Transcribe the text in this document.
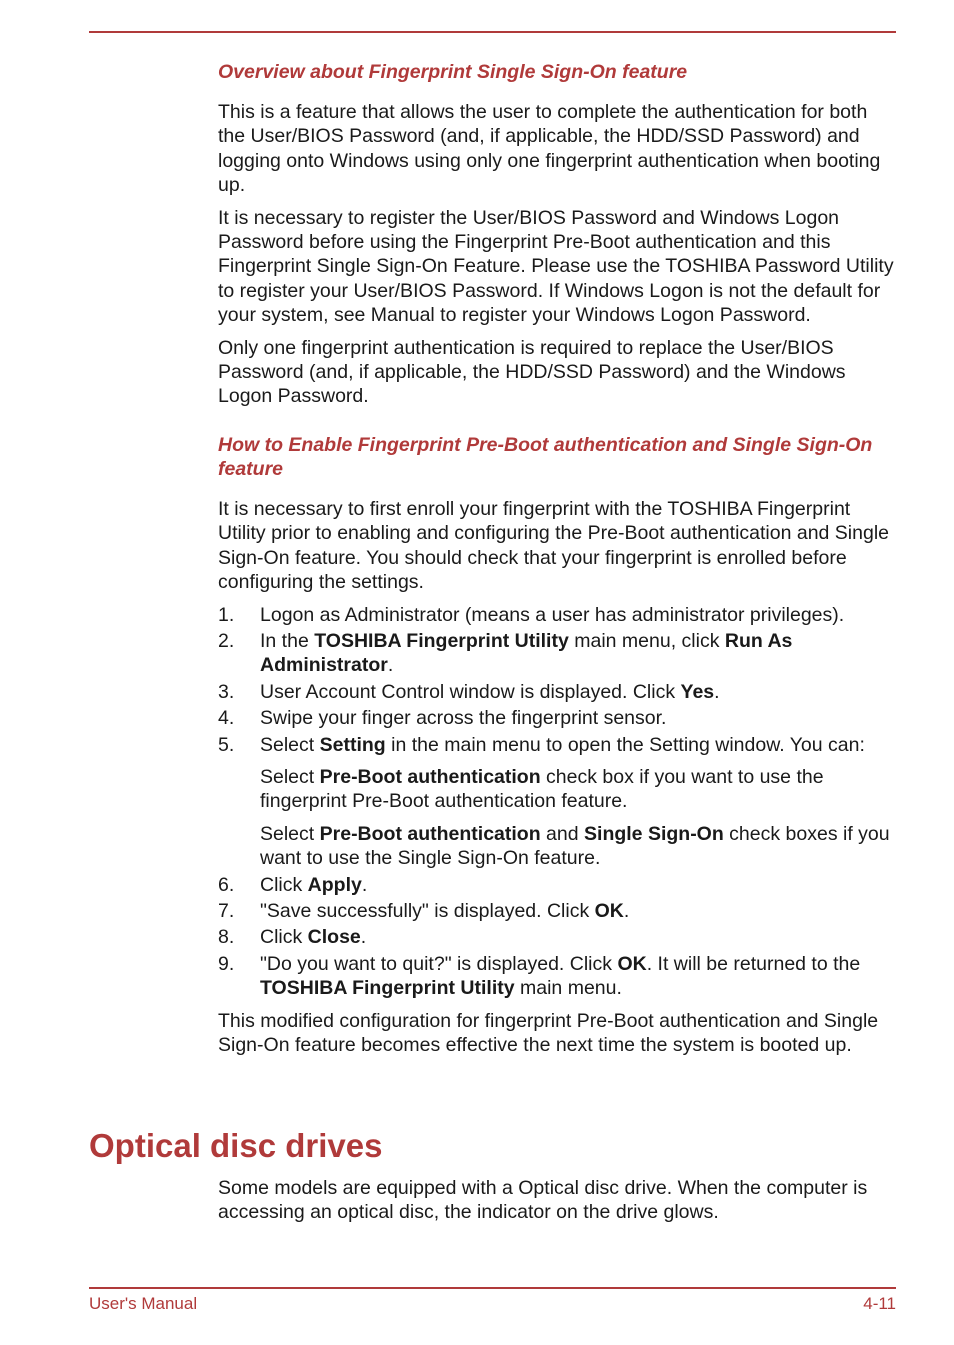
Overview about Fingerprint Single Sign-On feature

This is a feature that allows the user to complete the authentication for both the User/BIOS Password (and, if applicable, the HDD/SSD Password) and logging onto Windows using only one fingerprint authentication when booting up.

It is necessary to register the User/BIOS Password and Windows Logon Password before using the Fingerprint Pre-Boot authentication and this Fingerprint Single Sign-On Feature. Please use the TOSHIBA Password Utility to register your User/BIOS Password. If Windows Logon is not the default for your system, see Manual to register your Windows Logon Password.

Only one fingerprint authentication is required to replace the User/BIOS Password (and, if applicable, the HDD/SSD Password) and the Windows Logon Password.

How to Enable Fingerprint Pre-Boot authentication and Single Sign-On feature

It is necessary to first enroll your fingerprint with the TOSHIBA Fingerprint Utility prior to enabling and configuring the Pre-Boot authentication and Single Sign-On feature. You should check that your fingerprint is enrolled before configuring the settings.

1. Logon as Administrator (means a user has administrator privileges).
2. In the TOSHIBA Fingerprint Utility main menu, click Run As Administrator.
3. User Account Control window is displayed. Click Yes.
4. Swipe your finger across the fingerprint sensor.
5. Select Setting in the main menu to open the Setting window. You can:

Select Pre-Boot authentication check box if you want to use the fingerprint Pre-Boot authentication feature.

Select Pre-Boot authentication and Single Sign-On check boxes if you want to use the Single Sign-On feature.

6. Click Apply.
7. "Save successfully" is displayed. Click OK.
8. Click Close.
9. "Do you want to quit?" is displayed. Click OK. It will be returned to the TOSHIBA Fingerprint Utility main menu.

This modified configuration for fingerprint Pre-Boot authentication and Single Sign-On feature becomes effective the next time the system is booted up.

Optical disc drives

Some models are equipped with a Optical disc drive. When the computer is accessing an optical disc, the indicator on the drive glows.

User's Manual	4-11
